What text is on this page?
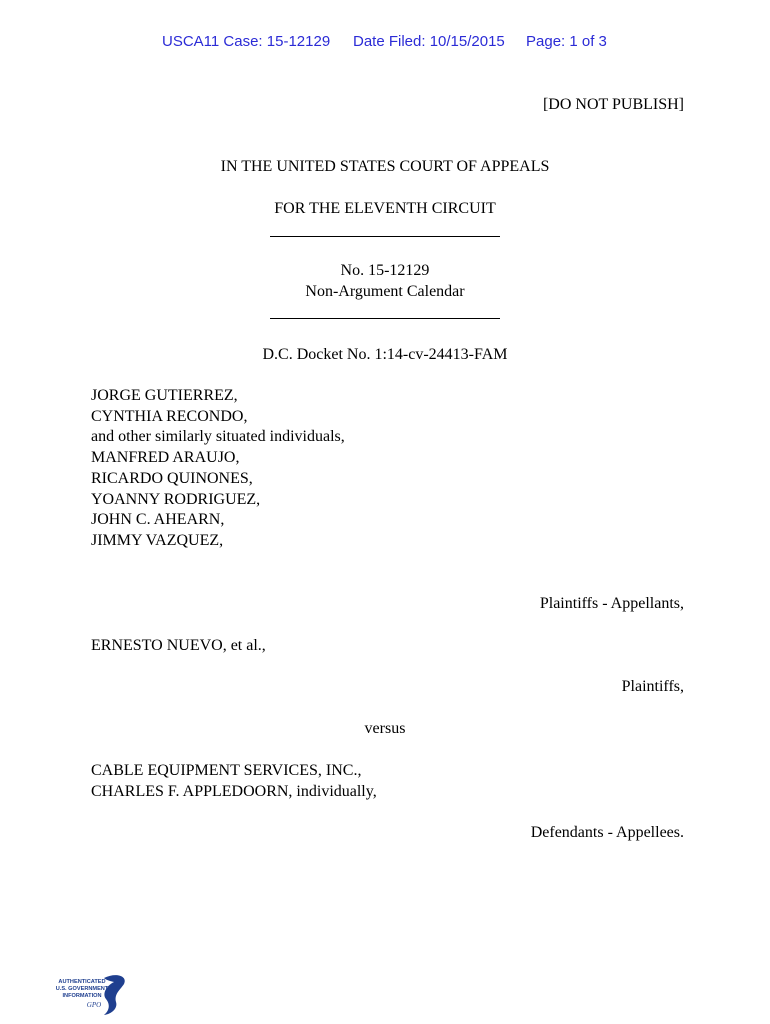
USCA11 Case: 15-12129 Date Filed: 10/15/2015 Page: 1 of 3
[DO NOT PUBLISH]
IN THE UNITED STATES COURT OF APPEALS
FOR THE ELEVENTH CIRCUIT
No. 15-12129
Non-Argument Calendar
D.C. Docket No. 1:14-cv-24413-FAM
JORGE GUTIERREZ,
CYNTHIA RECONDO,
and other similarly situated individuals,
MANFRED ARAUJO,
RICARDO QUINONES,
YOANNY RODRIGUEZ,
JOHN C. AHEARN,
JIMMY VAZQUEZ,
Plaintiffs - Appellants,
ERNESTO NUEVO, et al.,
Plaintiffs,
versus
CABLE EQUIPMENT SERVICES, INC.,
CHARLES F. APPLEDOORN, individually,
Defendants - Appellees.
AUTHENTICATED
U.S. GOVERNMENT
INFORMATION
GPO
